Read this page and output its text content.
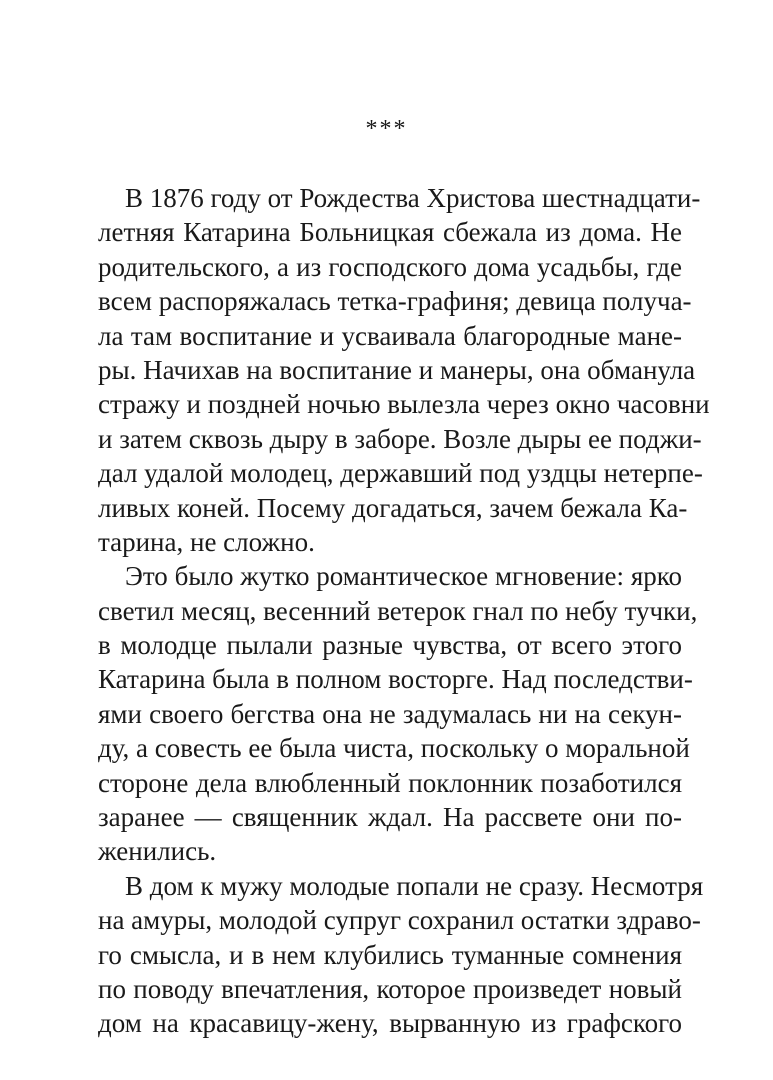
***
В 1876 году от Рождества Христова шестнадцати-
летняя Катарина Больницкая сбежала из дома. Не
родительского, а из господского дома усадьбы, где
всем распоряжалась тетка-графиня; девица получа-
ла там воспитание и усваивала благородные мане-
ры. Начихав на воспитание и манеры, она обманула
стражу и поздней ночью вылезла через окно часовни
и затем сквозь дыру в заборе. Возле дыры ее поджи-
дал удалой молодец, державший под уздцы нетерпе-
ливых коней. Посему догадаться, зачем бежала Ка-
тарина, не сложно.
Это было жутко романтическое мгновение: ярко
светил месяц, весенний ветерок гнал по небу тучки,
в молодце пылали разные чувства, от всего этого
Катарина была в полном восторге. Над последстви-
ями своего бегства она не задумалась ни на секун-
ду, а совесть ее была чиста, поскольку о моральной
стороне дела влюбленный поклонник позаботился
заранее — священник ждал. На рассвете они по-
женились.
В дом к мужу молодые попали не сразу. Несмотря
на амуры, молодой супруг сохранил остатки здраво-
го смысла, и в нем клубились туманные сомнения
по поводу впечатления, которое произведет новый
дом на красавицу-жену, вырванную из графского
